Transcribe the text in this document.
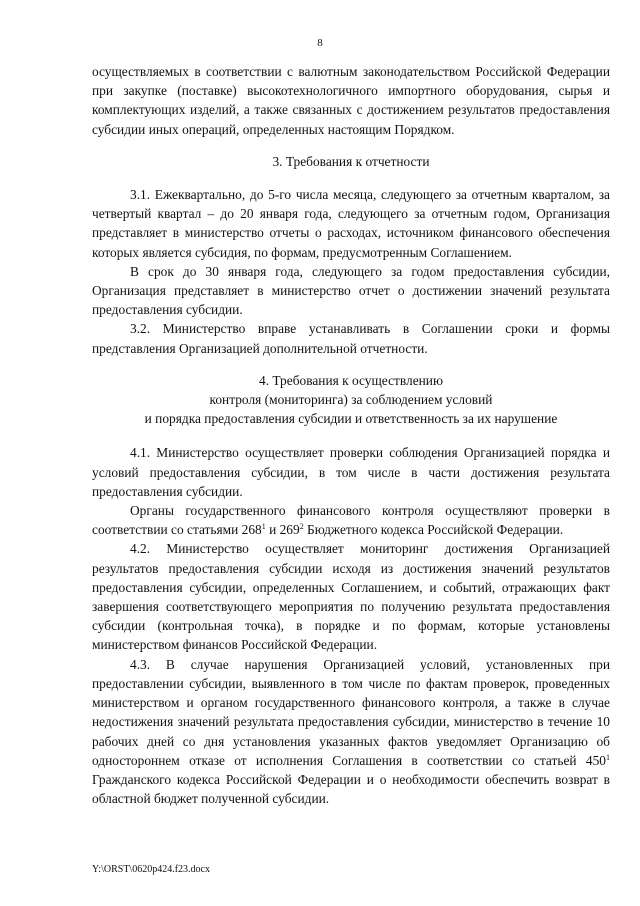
8

осуществляемых в соответствии с валютным законодательством Российской Федерации при закупке (поставке) высокотехнологичного импортного оборудования, сырья и комплектующих изделий, а также связанных с достижением результатов предоставления субсидии иных операций, определенных настоящим Порядком.

3. Требования к отчетности

3.1. Ежеквартально, до 5-го числа месяца, следующего за отчетным кварталом, за четвертый квартал – до 20 января года, следующего за отчетным годом, Организация представляет в министерство отчеты о расходах, источником финансового обеспечения которых является субсидия, по формам, предусмотренным Соглашением.

В срок до 30 января года, следующего за годом предоставления субсидии, Организация представляет в министерство отчет о достижении значений результата предоставления субсидии.

3.2. Министерство вправе устанавливать в Соглашении сроки и формы представления Организацией дополнительной отчетности.

4. Требования к осуществлению

контроля (мониторинга) за соблюдением условий

и порядка предоставления субсидии и ответственность за их нарушение

4.1. Министерство осуществляет проверки соблюдения Организацией порядка и условий предоставления субсидии, в том числе в части достижения результата предоставления субсидии.

Органы государственного финансового контроля осуществляют проверки в соответствии со статьями $268^1$ и $269^2$ Бюджетного кодекса Российской Федерации.

4.2. Министерство осуществляет мониторинг достижения Организацией результатов предоставления субсидии исходя из достижения значений результатов предоставления субсидии, определенных Соглашением, и событий, отражающих факт завершения соответствующего мероприятия по получению результата предоставления субсидии (контрольная точка), в порядке и по формам, которые установлены министерством финансов Российской Федерации.

4.3. В случае нарушения Организацией условий, установленных при предоставлении субсидии, выявленного в том числе по фактам проверок, проведенных министерством и органом государственного финансового контроля, а также в случае недостижения значений результата предоставления субсидии, министерство в течение 10 рабочих дней со дня установления указанных фактов уведомляет Организацию об одностороннем отказе от исполнения Соглашения в соответствии со статьей $450^1$ Гражданского кодекса Российской Федерации и о необходимости обеспечить возврат в областной бюджет полученной субсидии.

Y:\ORST\0620p424.f23.docx
